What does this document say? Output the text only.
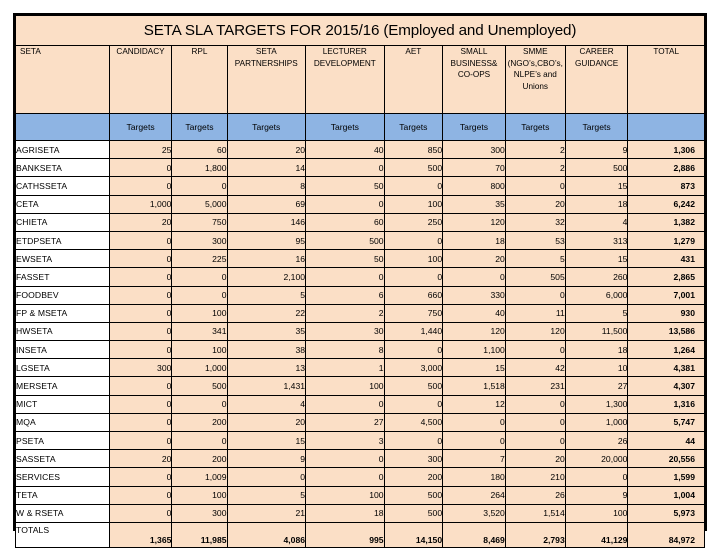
SETA SLA TARGETS FOR 2015/16 (Employed and Unemployed)									
SETA	CANDIDACY	RPL	SETA PARTNERSHIPS	LECTURER DEVELOPMENT	AET	SMALL BUSINESS& CO-OPS	SMME (NGO’s,CBO’s,NLPE’s and Unions	CAREER GUIDANCE	TOTAL
	Targets	Targets	Targets	Targets	Targets	Targets	Targets	Targets	
AGRISETA	25	60	20	40	850	300	2	9	1,306
BANKSETA	0	1,800	14	0	500	70	2	500	2,886
CATHSSETA	0	0	8	50	0	800	0	15	873
CETA	1,000	5,000	69	0	100	35	20	18	6,242
CHIETA	20	750	146	60	250	120	32	4	1,382
ETDPSETA	0	300	95	500	0	18	53	313	1,279
EWSETA	0	225	16	50	100	20	5	15	431
FASSET	0	0	2,100	0	0	0	505	260	2,865
FOODBEV	0	0	5	6	660	330	0	6,000	7,001
FP & MSETA	0	100	22	2	750	40	11	5	930
HWSETA	0	341	35	30	1,440	120	120	11,500	13,586
INSETA	0	100	38	8	0	1,100	0	18	1,264
LGSETA	300	1,000	13	1	3,000	15	42	10	4,381
MERSETA	0	500	1,431	100	500	1,518	231	27	4,307
MICT	0	0	4	0	0	12	0	1,300	1,316
MQA	0	200	20	27	4,500	0	0	1,000	5,747
PSETA	0	0	15	3	0	0	0	26	44
SASSETA	20	200	9	0	300	7	20	20,000	20,556
SERVICES	0	1,009	0	0	200	180	210	0	1,599
TETA	0	100	5	100	500	264	26	9	1,004
W & RSETA	0	300	21	18	500	3,520	1,514	100	5,973
TOTALS	1,365	11,985	4,086	995	14,150	8,469	2,793	41,129	84,972
